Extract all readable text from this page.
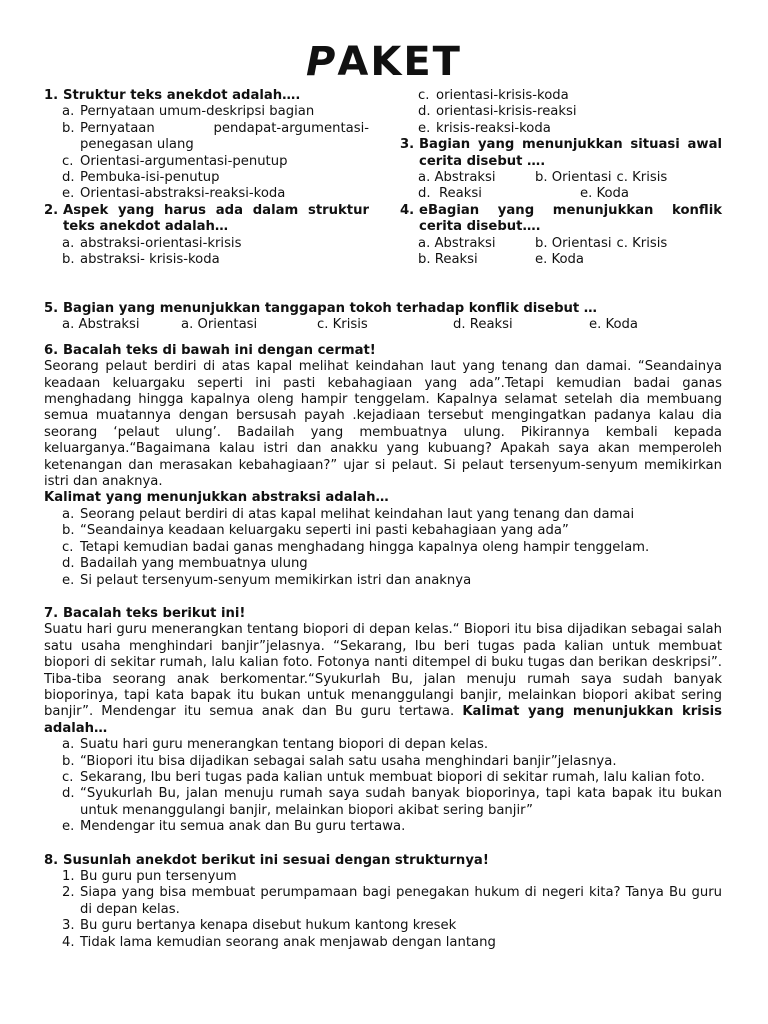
PAKET
1. Struktur teks anekdot adalah….
a. Pernyataan umum-deskripsi bagian
b. Pernyataan pendapat-argumentasi-penegasan ulang
c. Orientasi-argumentasi-penutup
d. Pembuka-isi-penutup
e. Orientasi-abstraksi-reaksi-koda
2. Aspek yang harus ada dalam struktur teks anekdot adalah…
a. abstraksi-orientasi-krisis
b. abstraksi- krisis-koda
c. orientasi-krisis-koda
d. orientasi-krisis-reaksi
e. krisis-reaksi-koda
3. Bagian yang menunjukkan situasi awal cerita disebut ….
a. Abstraksi	b. Orientasi c. Krisis
d.  Reaksi	e. Koda
4. eBagian yang menunjukkan konflik cerita disebut….
a. Abstraksi	b. Orientasi c. Krisis
b. Reaksi	e. Koda
5. Bagian yang menunjukkan tanggapan tokoh terhadap konflik disebut …
a. Abstraksi	a. Orientasi	c. Krisis	d. Reaksi	e. Koda
6. Bacalah teks di bawah ini dengan cermat!
Seorang pelaut berdiri di atas kapal melihat keindahan laut yang tenang dan damai. “Seandainya keadaan keluargaku seperti ini pasti kebahagiaan yang ada”.Tetapi kemudian badai ganas menghadang hingga kapalnya oleng hampir tenggelam. Kapalnya selamat setelah dia membuang semua muatannya dengan bersusah payah .kejadiaan tersebut mengingatkan padanya kalau dia seorang ‘pelaut ulung’. Badailah yang membuatnya ulung. Pikirannya kembali kepada keluarganya.“Bagaimana kalau istri dan anakku yang kubuang? Apakah saya akan memperoleh ketenangan dan merasakan kebahagiaan?” ujar si pelaut. Si pelaut tersenyum-senyum memikirkan istri dan anaknya.
Kalimat yang menunjukkan abstraksi adalah…
a. Seorang pelaut berdiri di atas kapal melihat keindahan laut yang tenang dan damai
b. “Seandainya keadaan keluargaku seperti ini pasti kebahagiaan yang ada”
c. Tetapi kemudian badai ganas menghadang hingga kapalnya oleng hampir tenggelam.
d. Badailah yang membuatnya ulung
e. Si pelaut tersenyum-senyum memikirkan istri dan anaknya
7. Bacalah teks berikut ini!
Suatu hari guru menerangkan tentang biopori di depan kelas.“ Biopori itu bisa dijadikan sebagai salah satu usaha menghindari banjir”jelasnya. “Sekarang, Ibu beri tugas pada kalian untuk membuat biopori di sekitar rumah, lalu kalian foto. Fotonya nanti ditempel di buku tugas dan berikan deskripsi”. Tiba-tiba seorang anak berkomentar.“Syukurlah Bu, jalan menuju rumah saya sudah banyak bioporinya, tapi kata bapak itu bukan untuk menanggulangi banjir, melainkan biopori akibat sering banjir”. Mendengar itu semua anak dan Bu guru tertawa. Kalimat yang menunjukkan krisis adalah…
a. Suatu hari guru menerangkan tentang biopori di depan kelas.
b. “Biopori itu bisa dijadikan sebagai salah satu usaha menghindari banjir”jelasnya.
c. Sekarang, Ibu beri tugas pada kalian untuk membuat biopori di sekitar rumah, lalu kalian foto.
d. “Syukurlah Bu, jalan menuju rumah saya sudah banyak bioporinya, tapi kata bapak itu bukan untuk menanggulangi banjir, melainkan biopori akibat sering banjir”
e. Mendengar itu semua anak dan Bu guru tertawa.
8. Susunlah anekdot berikut ini sesuai dengan strukturnya!
1. Bu guru pun tersenyum
2. Siapa yang bisa membuat perumpamaan bagi penegakan hukum di negeri kita? Tanya Bu guru di depan kelas.
3. Bu guru bertanya kenapa disebut hukum kantong kresek
4. Tidak lama kemudian seorang anak menjawab dengan lantang
